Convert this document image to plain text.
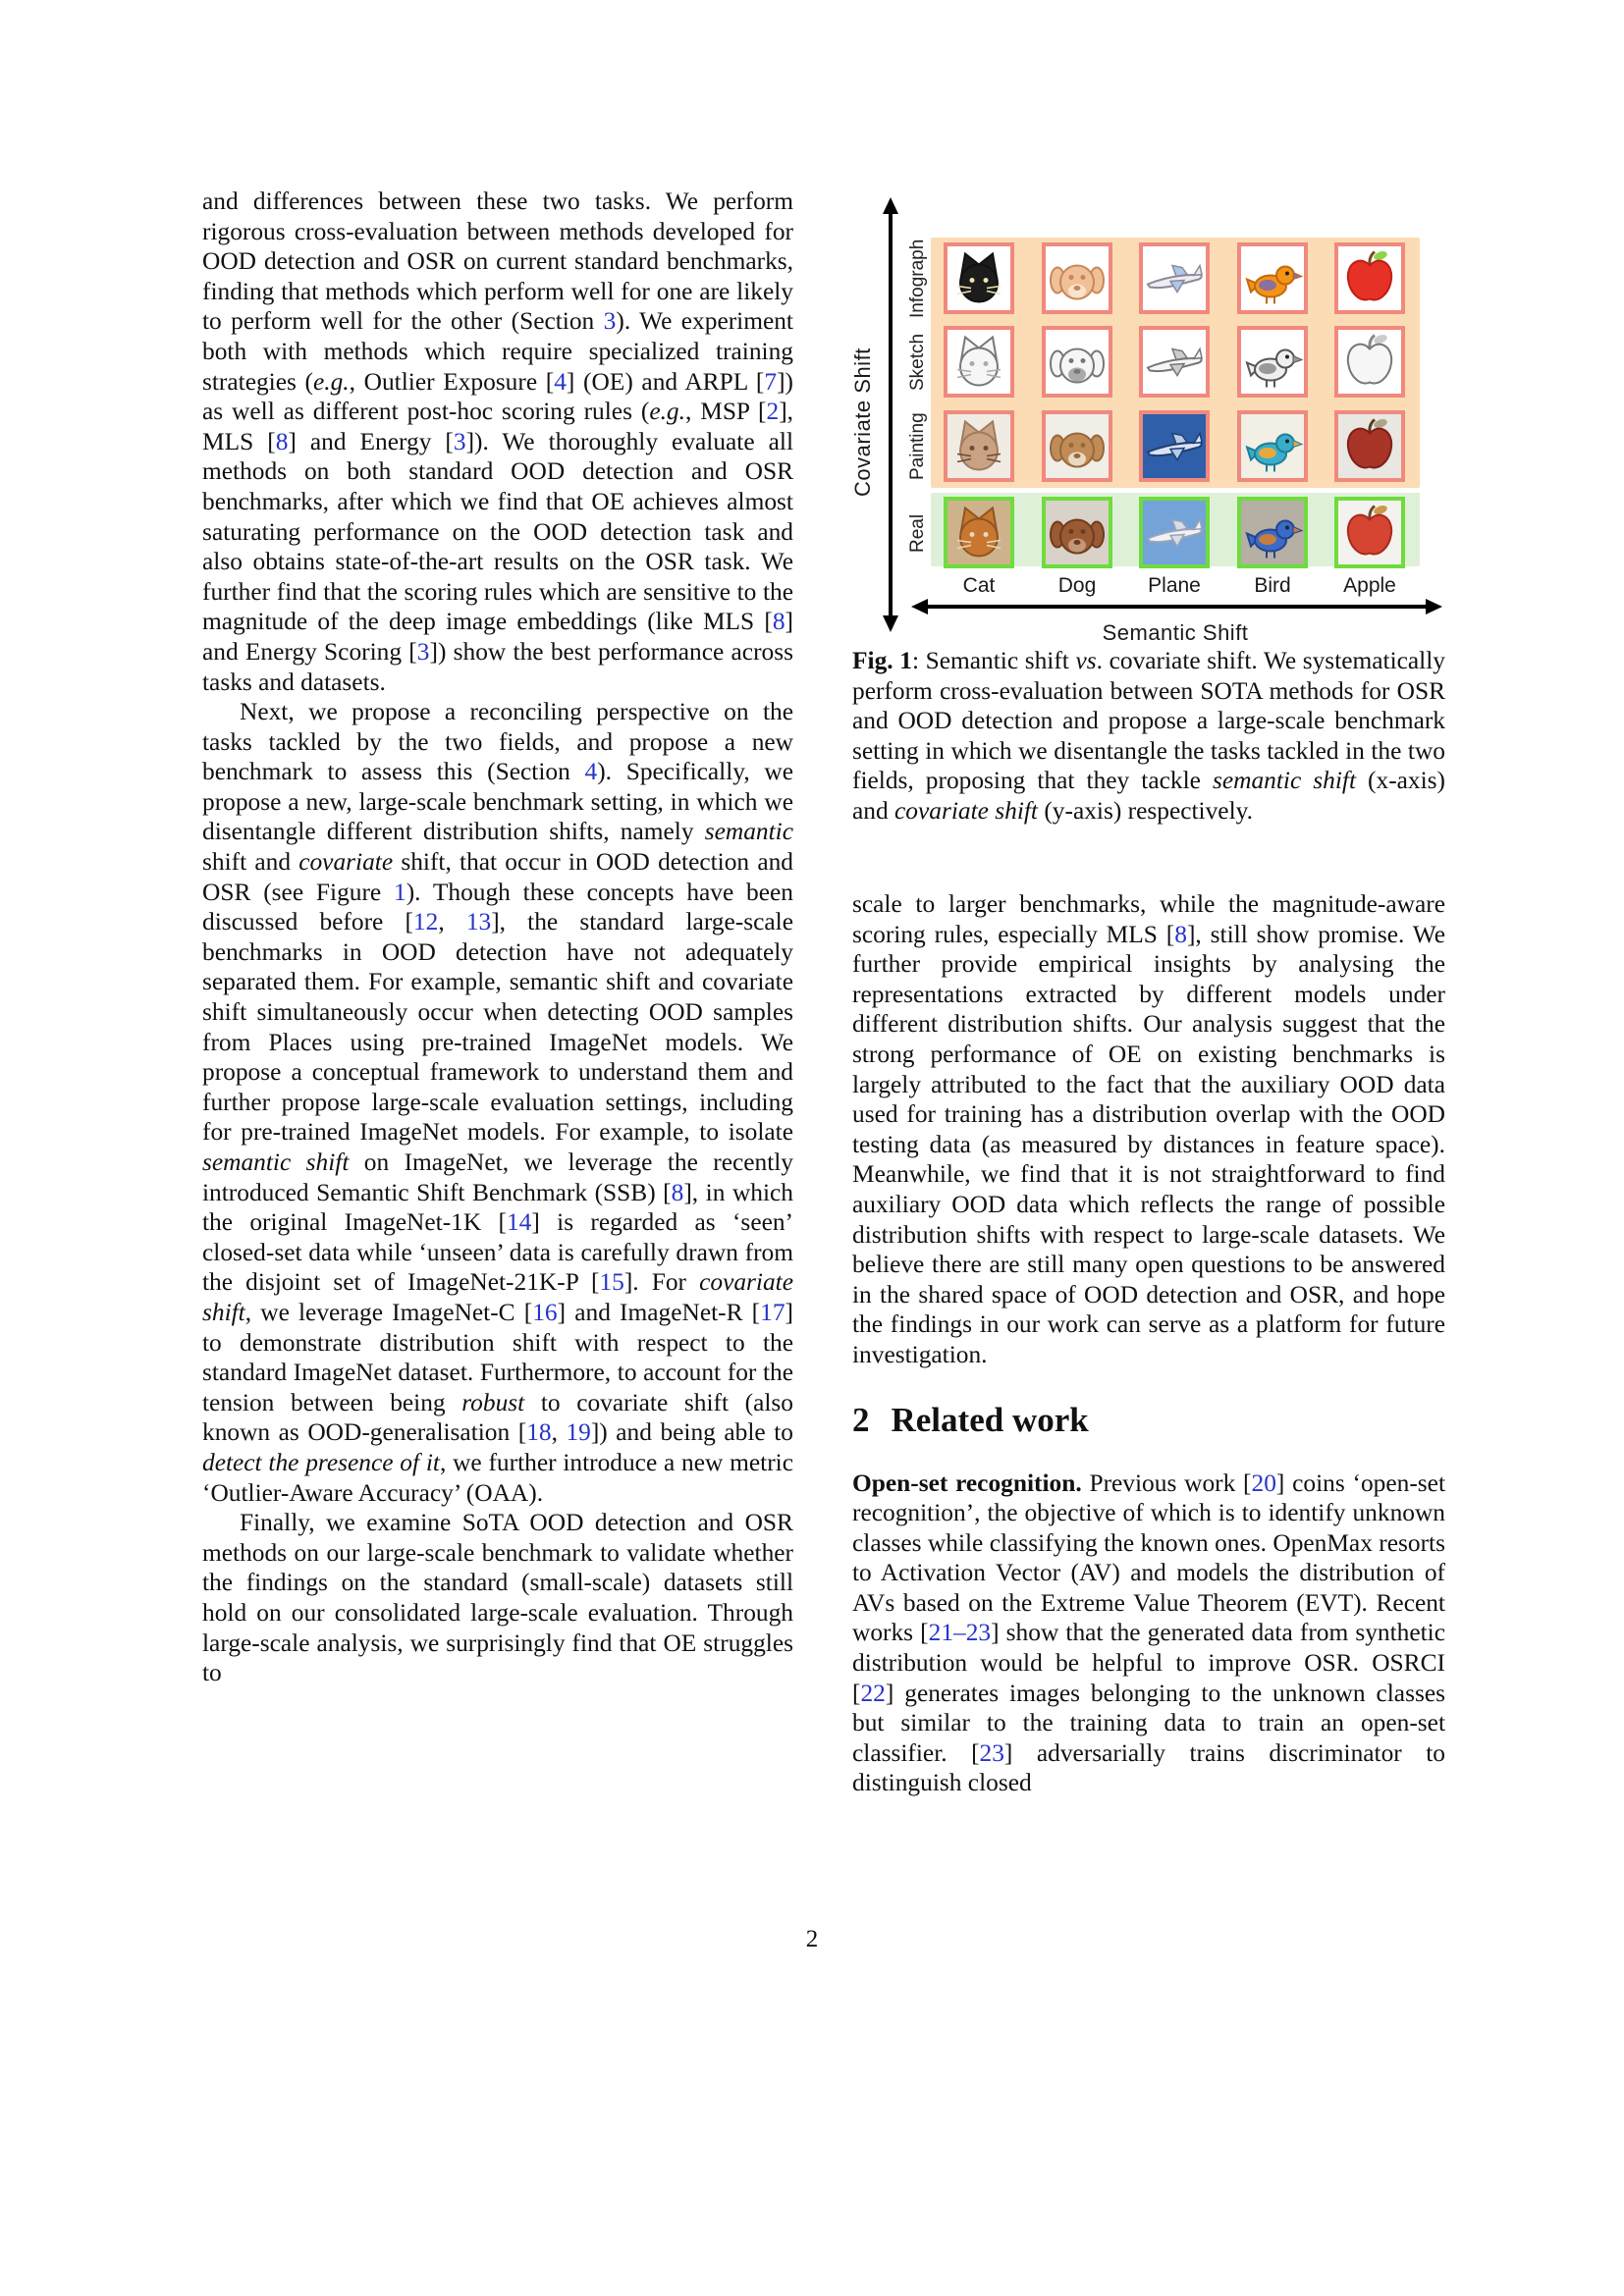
and differences between these two tasks. We perform rigorous cross-evaluation between methods developed for OOD detection and OSR on current standard benchmarks, finding that methods which perform well for one are likely to perform well for the other (Section 3). We experiment both with methods which require specialized training strategies (e.g., Outlier Exposure [4] (OE) and ARPL [7]) as well as different post-hoc scoring rules (e.g., MSP [2], MLS [8] and Energy [3]). We thoroughly evaluate all methods on both standard OOD detection and OSR benchmarks, after which we find that OE achieves almost saturating performance on the OOD detection task and also obtains state-of-the-art results on the OSR task. We further find that the scoring rules which are sensitive to the magnitude of the deep image embeddings (like MLS [8] and Energy Scoring [3]) show the best performance across tasks and datasets.

Next, we propose a reconciling perspective on the tasks tackled by the two fields, and propose a new benchmark to assess this (Section 4). Specifically, we propose a new, large-scale benchmark setting, in which we disentangle different distribution shifts, namely semantic shift and covariate shift, that occur in OOD detection and OSR (see Figure 1). Though these concepts have been discussed before [12, 13], the standard large-scale benchmarks in OOD detection have not adequately separated them. For example, semantic shift and covariate shift simultaneously occur when detecting OOD samples from Places using pre-trained ImageNet models. We propose a conceptual framework to understand them and further propose large-scale evaluation settings, including for pre-trained ImageNet models. For example, to isolate semantic shift on ImageNet, we leverage the recently introduced Semantic Shift Benchmark (SSB) [8], in which the original ImageNet-1K [14] is regarded as ‘seen’ closed-set data while ‘unseen’ data is carefully drawn from the disjoint set of ImageNet-21K-P [15]. For covariate shift, we leverage ImageNet-C [16] and ImageNet-R [17] to demonstrate distribution shift with respect to the standard ImageNet dataset. Furthermore, to account for the tension between being robust to covariate shift (also known as OOD-generalisation [18, 19]) and being able to detect the presence of it, we further introduce a new metric ‘Outlier-Aware Accuracy’ (OAA).

Finally, we examine SoTA OOD detection and OSR methods on our large-scale benchmark to validate whether the findings on the standard (small-scale) datasets still hold on our consolidated large-scale evaluation. Through large-scale analysis, we surprisingly find that OE struggles to

Covariate Shift
Infograph
Sketch
Painting
Real
Cat	Dog	Plane	Bird	Apple
Semantic Shift
Fig. 1: Semantic shift vs. covariate shift. We systematically perform cross-evaluation between SOTA methods for OSR and OOD detection and propose a large-scale benchmark setting in which we disentangle the tasks tackled in the two fields, proposing that they tackle semantic shift (x-axis) and covariate shift (y-axis) respectively.
scale to larger benchmarks, while the magnitude-aware scoring rules, especially MLS [8], still show promise. We further provide empirical insights by analysing the representations extracted by different models under different distribution shifts. Our analysis suggest that the strong performance of OE on existing benchmarks is largely attributed to the fact that the auxiliary OOD data used for training has a distribution overlap with the OOD testing data (as measured by distances in feature space). Meanwhile, we find that it is not straightforward to find auxiliary OOD data which reflects the range of possible distribution shifts with respect to large-scale datasets. We believe there are still many open questions to be answered in the shared space of OOD detection and OSR, and hope the findings in our work can serve as a platform for future investigation.
2 Related work
Open-set recognition. Previous work [20] coins ‘open-set recognition’, the objective of which is to identify unknown classes while classifying the known ones. OpenMax resorts to Activation Vector (AV) and models the distribution of AVs based on the Extreme Value Theorem (EVT). Recent works [21–23] show that the generated data from synthetic distribution would be helpful to improve OSR. OSRCI [22] generates images belonging to the unknown classes but similar to the training data to train an open-set classifier. [23] adversarially trains discriminator to distinguish closed
2
